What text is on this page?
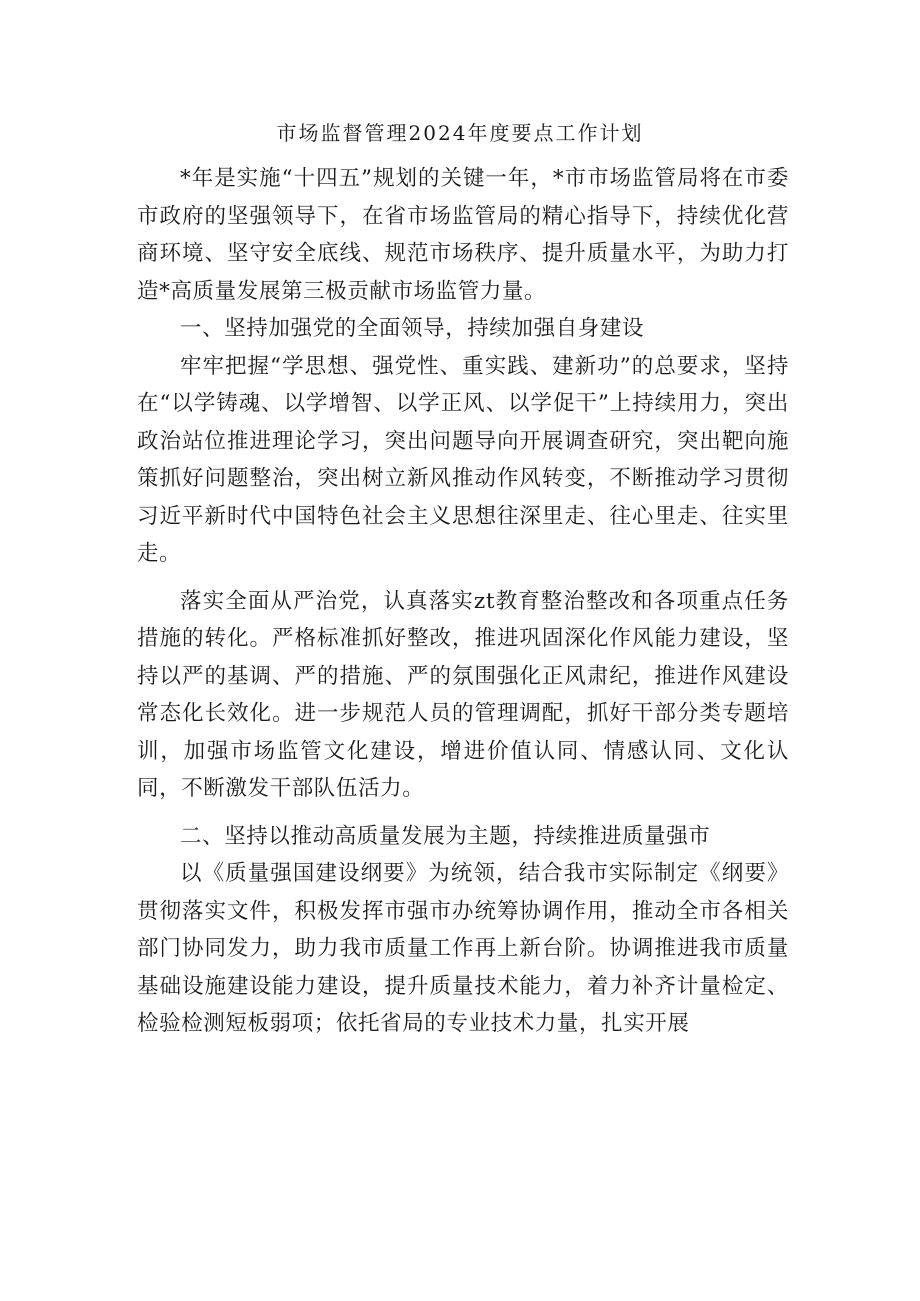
市场监督管理2024年度要点工作计划

*年是实施“十四五”规划的关键一年，*市市场监管局将在市委市政府的坚强领导下，在省市场监管局的精心指导下，持续优化营商环境、坚守安全底线、规范市场秩序、提升质量水平，为助力打造*高质量发展第三极贡献市场监管力量。

一、坚持加强党的全面领导，持续加强自身建设

牢牢把握“学思想、强党性、重实践、建新功”的总要求，坚持在“以学铸魂、以学增智、以学正风、以学促干”上持续用力，突出政治站位推进理论学习，突出问题导向开展调查研究，突出靶向施策抓好问题整治，突出树立新风推动作风转变，不断推动学习贯彻习近平新时代中国特色社会主义思想往深里走、往心里走、往实里走。

落实全面从严治党，认真落实zt教育整治整改和各项重点任务措施的转化。严格标准抓好整改，推进巩固深化作风能力建设，坚持以严的基调、严的措施、严的氛围强化正风肃纪，推进作风建设常态化长效化。进一步规范人员的管理调配，抓好干部分类专题培训，加强市场监管文化建设，增进价值认同、情感认同、文化认同，不断激发干部队伍活力。

二、坚持以推动高质量发展为主题，持续推进质量强市

以《质量强国建设纲要》为统领，结合我市实际制定《纲要》贯彻落实文件，积极发挥市强市办统筹协调作用，推动全市各相关部门协同发力，助力我市质量工作再上新台阶。协调推进我市质量基础设施建设能力建设，提升质量技术能力，着力补齐计量检定、检验检测短板弱项；依托省局的专业技术力量，扎实开展
